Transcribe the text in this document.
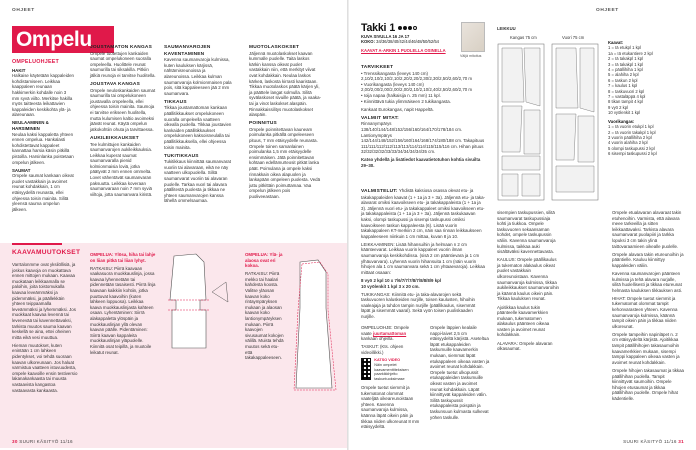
OHJEET
Ompelu
OMPELUOHJEET

HAKIT
Halkaise käytetään kappaleiden kohdistamiseen. Leikkaa kaappaleen reunaan hakkimerkin kohdalle noin 3 mm syvä viilto. Merkitse hakilla myös taitteesta leikattavien kappaleiden keskikohta ylä- ja alareunaan.

NEULAAMINEN & HARSIMINEN
Neulaa kaksi kappaletta yhteen ennen ompelua. Hankalasti kohdistettavat kappaleet kannattaa harsia käsin pitkillä pistoilla. Harsinlanka poistetaan ompelun jälkeen.

SAUMAT
Ompele saumat kankaan oikeat puolet vastakkain ja avoimet reunat kohdakkain, 1 cm etäisyydellä reunasta, ellei ohjeessa toisin mainita. Silitä yleensä sauma ompelun jälkeen.

JOUSTAMATON KANGAS
Ompele tuotettujen kankaiden saumat ompelukoneen suoralla ompeleella. Huolittele reunat saumurilla tai siksakilla. Pitkiin jälkiä reunoja ei tarvitse huolitella.

JOUSTAVA KANGAS
Ompele neuloskankaiden saumat saumurilla tai ompelukoneen joustavalla ompeleella, ellei ohjeessa toisin mainita. Saumoja ei tarvitse erikseen huolitella, mutta kulumisen kaltio avoimeksi jäävät reunat. Käytä ompelun jatkokohtiin ohuta ja tarvittaessa.

AUKILEIKKAUKSET
Tee kulmittujen kankaiden saumanvarojen aukileikkauksia. Leikkaa kuperat saumat saumanvaralla pienid kolmionmaisia loviä, jotka päätyvät 2 mm ennen ommelta. Lovet vähentävät saumanvaran paksuutta. Leikkaa koveraan saumanvaraan noin 7 mm syviä viiltoja, jotta saumanvara kiristä.

SAUMANVAROJEN KAVENTAMINEN
Kavenna saumanvaroja kulmissa, kuten kauluksen kärjissä, nähtämisreunoissa ja alareunoissa. Leikkaa kulman saumanvaroja kolmionmaisen pala pois, sitä kappaleeseen jää 2 mm saumanvara.

TIKKAUS
Tikkaa joustamattoman kankaan päällitikkaukset ompelukoneen suoralla ompeleella vaatteen oikealla puolella. Tikkaa joustavien kankaiden päällitikkaukset ompelukoneen kaksoisneulalla tai päällitikkauksella, ellei ohjeessa toisin mainita.

TUKITIKKAUS
Tukitikkaus kiinnittää saumanvarat vuoriin tai alavaraan, eikä ne näy vaatteen ulkopuolella. Silitä saumanvarat vuoriin tai alavaran puolelle. Tarkaa vuori tai alavara päällitestä puolesta ja tikkaa ne yhteen saumanvarojen kanssa lähellä ommelsaumaa.

MUOTOLASKOKSET
Jäljennä muotolaskokset kaavan kummalle puolelle. Taita laskos kärkin kanssa oikeat puolet vastakkain niin, että merkityt viivat ovat kohdakkain. Neulaa laskos kärkeä, laskosta kirrasti kaaristaan. Tikkaa muotolaskos päätä kärjen yli, ja päättele langat solmulla. Silitä syvälaskoset sivuille päätä, ja vaaka-tai ja vinot laskokset alaspäin. Rinnakkaissilitys muotolaskokset alaspäin.

POINNITUS
Ompele poinnitettavan kauneam poimulanka pitkällä ompeleeseen pituus, 7 mm etäisyydelle reunasta. Ompele toinen samanlainen poimulanka 1,5 mm etäisyydelle ensimmäisen. Jätä poinnitettavan kohtaan edellämurteosit pitkät lanka päät. Poimulana ja ompele kaksi rinnakkain oikea alapuolen ja lankapään ompeleen puolesta. Vedä juttu pitkittäin poimuttamaa. Vaa ompelun jälkeen pois puoliveeastaan.

KAAVAMUUTOKSET

Varrtalonmme ovat yksilöllisiä, ja joskus kaavoja on muokattava ennen mittojen mukaan. Kaavaa muokataan leikkaamalla se paloihin, joita toistomukalla kaavaa leveämmäksi ja pidemmäksi, ja päällekkäin yhteen teippaamalla leveämmäksi ja lyhemmäksi. Jos muokkaat kaavaa levennä tai levenevää tai kavennettavaksi, tarkista muutos sauma kaavan keskellä se aina, ettei oheinen mitta eikä vesi muuttua.

Hieman muutokset, kuten enintään 1 cm lahkeen pidentykset, voi tehdä suoraan kaavan ulkoreunaan. Jos haluat varmistua vaatteen istuvuudesta, ompele kaavoille ensin testiversio lakanakankaasta tai muusta vastaavista kangastoa vastaavasta kankaasta.

OMPELUA: Ylösa, hiha tai lahje on liian pitkä tai liian lyhyt.

RATKAISU: Piirrä kaavaan vaakasuora muokkauslinja, jossa kaavaa lyhennetään tai pidennetään tasaisesti. Piirrä linja kaavaan kaikkiin kohtiin, jotka puuttuvat kaavoihin (kuten lahkeen loppuosa). Leikkaa kaava muokkauslinjasta kahteen osaan. Lyhentäminen: Siirrä alakappaletta ylöspäin ja muokkauslinjan yllä olevan kaavan päälle. Pidentäminen: Siirrä kaavan kappaleita muokkauslinjan yläpuolelle. Kiinnitä osat teipillä, ja muotoile leikatut reunat.

OMPELUA: Ylä- ja alaosa ovat eri kokoa.

RATKAISU: Piirrä mekko tai haalari kahdesta koosta. Valitse yläosan kaavan koko rintaympäryksen mukaan ja alaosan kaavan koko lantionympäryksen mukaan. Piirrä kaavojen sivusaumat kokojen välillä. Muista tehdä muutos sekä etu- että takakappaleeseen.

30 SUURI KÄSITYÖ 11/16
OHJEET
Takki 1
KUVA SIVULLA 16 JA 17
KOKO: 34/36/38/40/42/44/46/48/50/52/54
KAAVAT A-ARKIN 1 PUOLELLA OSINELLA
Väljä mitoitus

TARVIKKEET
• Trenssikangasta (leveys 140 cm) 2,10/2,10/2,10/2,10/2,20/2,20/2,30/2,30/2,50/2,60/2,70 m
• Vuorikangasta (leveys 140 cm) 2,00/2,00/2,00/2,00/2,00/2,10/2,10/2,40/2,50/2,60/2,70 m
• Ioija napaa (halkaisija n. 25 mm) 11 kpl.
• Kiinnittävä tukia ylimmäiseen 2 tukikangasta.

Kankaat Eurokangas, napit Happeltä.

VALMIIT MITAT:
Rinnanympärys 138/140/144/148/152/156/160/164/170/178/184 cm. Lantionympärys 142/144/148/152/156/160/164/168/174/180/188 cm. Takapituus 111/111/112/112/113/113/114/114/115/115/116 cm. Hihan pituus 32/32/32/32/33/33/34/34/34/34/35 cm.

Katso yhdellä ja lisätiedot kaavatietotuhon kohtia sivuilta 29–30.

VALMISTELUT: Yhdistä kaksiosa osassa olevat etu- ja takakappaleiden kaavat (1 + 1a ja 3 + 3a). Jäljennä etu- ja taka-alavarat omiksi kaavoikseen etu- ja takakappaleista (1 + 1a ja 3). Jäljennä vuori etu- ja takakappaleet omiksi kaavoikseen etu- ja takakappaleista (1 + 1a ja 3 + 3a). Jäljennä taskukaavan kaksi, olompi taskupussi ja sisempi taskupussi omiksi kaavoikseen taskun kappaleesta (6). Lisää vuorin takakappaleen KT-merkiin 2 cm, näin saa rinnan leikkaukseen kappaleeseen niinkuin 1 cm mittaa, kuvan 8 ja 10.

LEIKKAAMINEN: Lisää hihansuihin ja helmaan n 2 cm käänteevarat. Leikkaa vuorin kappaleet vuorin ilman saumanvaroja keskikohdissa. (sisä 2 cm pääntievara ja 1 cm ylhäuvarvara). Lyhennä vuorin hihansuita 1 cm (näin vuorin hihojen ala 1 cm saumanvara sekä 1 cm yhtaaevaroja). Leikkaa mittaat osaaan:

8 vyö 2 kpl 10 x 7/6/7/7/7/8/7/8/8/8/9 kpl
10 vyölenkit 1 kpl 3 x 20 cm.

TUKIKANGAS: Kiinnitä etu- ja taka-alavarojen sekä taskuvuoren kaluskeiden nurjille, toisen kaulusten, hihoihin vaaleajaja ja tuhdon tampin nurjille (päällikaulus, sisemmät läpät ja sisemmät vaaral). Sekä vyön toisen puoliskaaden nurjille.

OMPELUOHJE: Ompele vaate juurtamattoman kankaan ohjeilla.

TASKUT: (Kts. ohjeen videoillikki.)

KATSO VIDEO
Näin ompelet kaavamenttiteksisen paarkikkhjelto taskuntuoksimase

Ompele tuetut siemmit ja tukematonat olommat vaateljää oikeareunoistaan yhteen. Kavenna saumanvaroja kulmissa, käänna läpät oikein päin ja tikkaa niiden ulkoreunat 8 mm etäisyydeltä.

Ompele läppien kealaile nappi-laivet 2,5 cm etäisyydeltä kärjistä. Aseteltua läpät etukappaleiden taskumuille kaavamerkin mukaan, siemmat läpät etukappaleen oikeaa vasten ja avoimet reunat kohdakkain. Ompele tuetut ulkopussit etukappaleiden taskumuille oikeat vasten ja avoimet reunat kohdakkain. Läpät kiinnittyvät kappaleiden välin. Silitä taskupussit etukappaleista poispäin ja taskunsuun kulmasta sulkevat yöhen taskulle.

LEIKKUU
Kangas 75 cm	Vuori 75 cm
Kaavat:
1 = Iä etukpl 1 kpl
1a = Iä etukantiere 2 kpl
2 = Iä takakpl 1 kpl
3 = Iä takakpl 1 kpl
4 = päällihiha 1 kpl
5 = alahiha 2 kpl
6 = taskun 2 kpl
7 = kaulus 1 kpl
8 = taskuvuori 2 kpl
7 = vastaläppä 4 kpl
8 tikan tampit 4 kpl
9 vyö 2 kpl
10 vyölenkit 1 kpl
Vuorikangas:
1 = Iä vuorin etukpl 1 kpl
2 = Iä vuorin takakpl 1 kpl
3 vuorin päällihiha 2 kpl
4 vuorin alahiha 2 kpl
5 olompi taskupussi 2 kpl
6 sisempi taskupussi 2 kpl

sisempien taskupussien, silitä saumanvarat taskupussiaja kohti ja tiukkoa. Ompele taskuvuoren sekaansaman kohdet, ompele taskupussin väliin. Kavenna saumanvaroja kulmissa, taikkaa auki sisältäväksi kavennettavasta.

KAULUS: Ompele päällikaulus ja tukematon alakaulus oikeat puolet vastakkain ulkoreunoistaan. Kavenna saumanvaroja kulmissa, tikkaa aukileikkaukset saumanvaroihin ja käännä kaulus oikein päin. Tikkaa kauluksen reunat.

Ajoitikkaa kaulus tukin päänteelle kaavamerkkien mukaan, tukematomen alakaulus päänteen oikeaa vasten ja avoimet reunat kohdakkain.

ALAVARA: Ompele alavaran olkasaumat.

Ompele etualavaran alavaraat takin etuhenoihin. Varmista, että alavara meee tarkeeilla ja sitten leikkaattavaksi. Tarkista alavara saumanvarat puolapiiri ja tarkka lopuksi 3 cm takin ylinä taittovaraamieen oikealle puolelle.

Ompele alavara takin etureunoihin ja pääntielle. Kauluu kiinnittyy kappaleiden väliin.

Kavenna saumanvarojen päänteen kulmissa ja tehä alavara nurjalle, silitä huolellisesti ja tikkaa etureunat helmasta kauluksen tikkauksen asti.

HIHAT: Ompele tuetut siemmit ja tukematomat olommat tampit kehonvarasteen yhteen. Kavenna saumanvaroja kulmissa, käännä tampit oikein päin ja tikkaa niiden ulkoreunat.

Ompele tampeihin napinläpet n. 2 cm etäisyydeltä kärjistä. Ajoitikkaa tampit päällihihojen takasaumoihin kaavamerkkien mukaan, sisempi tamppi kappaleen oikeaa vasten ja avoimet reunat kohdakkain.

Ompele hihojen takasaumat ja tikkaa päällihihan puolella. Tampit kiinnittyvät saumoihin. Ompele hihojen etusaumat ja tikkaa päällihihan puolelle. Ompele hihat kädentielle.

SUURI KÄSITYÖ 11/16 31
